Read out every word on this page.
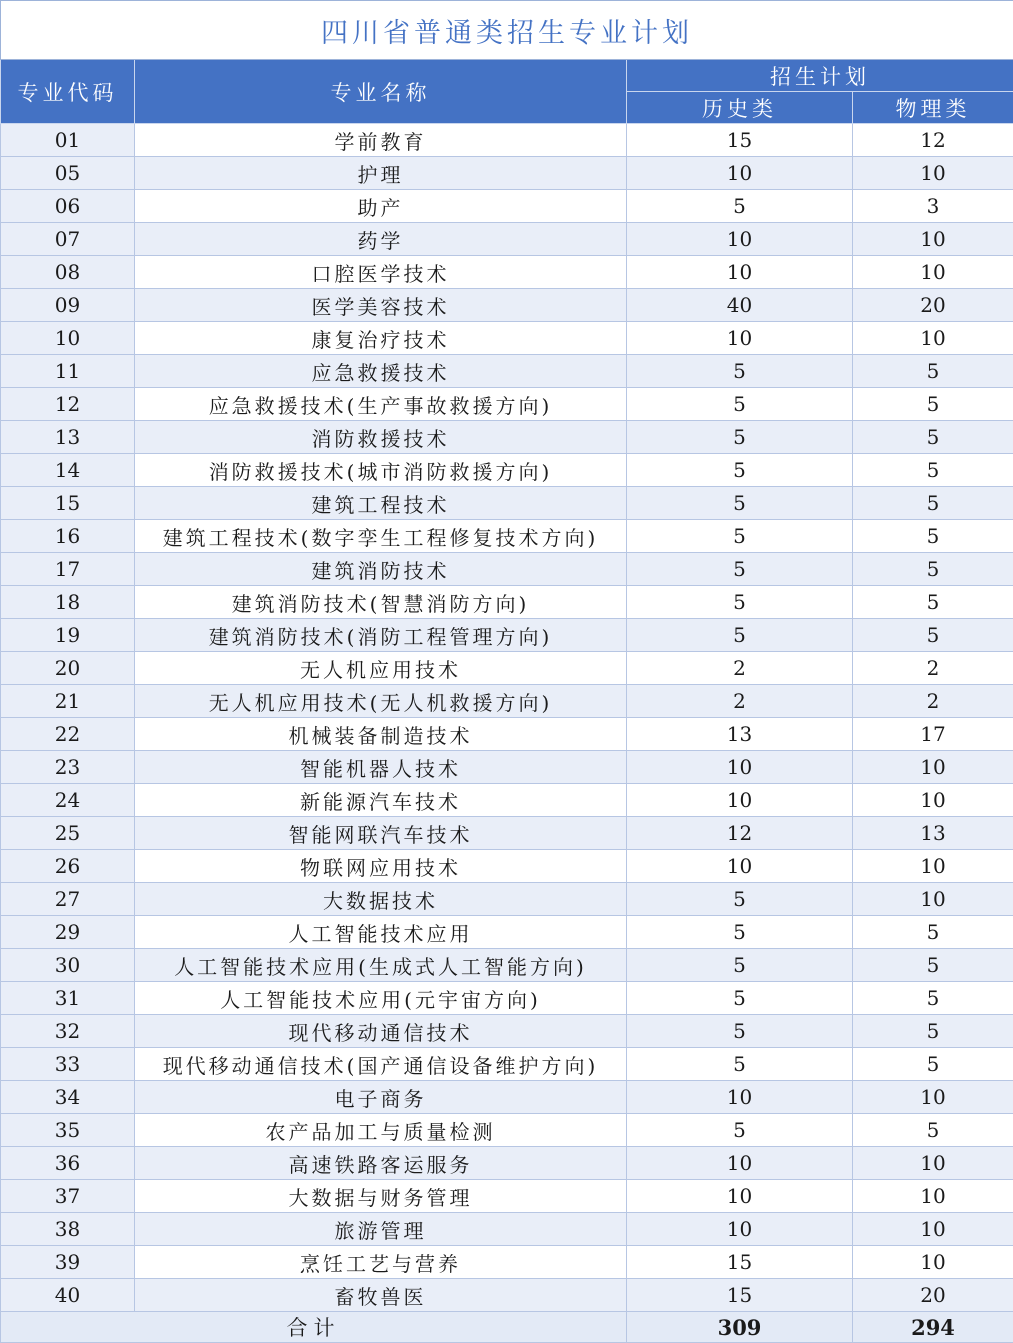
四川省普通类招生专业计划			
专业代码	专业名称	招生计划	
		历史类	物理类
01	学前教育	15	12
05	护理	10	10
06	助产	5	3
07	药学	10	10
08	口腔医学技术	10	10
09	医学美容技术	40	20
10	康复治疗技术	10	10
11	应急救援技术	5	5
12	应急救援技术(生产事故救援方向)	5	5
13	消防救援技术	5	5
14	消防救援技术(城市消防救援方向)	5	5
15	建筑工程技术	5	5
16	建筑工程技术(数字孪生工程修复技术方向)	5	5
17	建筑消防技术	5	5
18	建筑消防技术(智慧消防方向)	5	5
19	建筑消防技术(消防工程管理方向)	5	5
20	无人机应用技术	2	2
21	无人机应用技术(无人机救援方向)	2	2
22	机械装备制造技术	13	17
23	智能机器人技术	10	10
24	新能源汽车技术	10	10
25	智能网联汽车技术	12	13
26	物联网应用技术	10	10
27	大数据技术	5	10
29	人工智能技术应用	5	5
30	人工智能技术应用(生成式人工智能方向)	5	5
31	人工智能技术应用(元宇宙方向)	5	5
32	现代移动通信技术	5	5
33	现代移动通信技术(国产通信设备维护方向)	5	5
34	电子商务	10	10
35	农产品加工与质量检测	5	5
36	高速铁路客运服务	10	10
37	大数据与财务管理	10	10
38	旅游管理	10	10
39	烹饪工艺与营养	15	10
40	畜牧兽医	15	20
合计		309	294
